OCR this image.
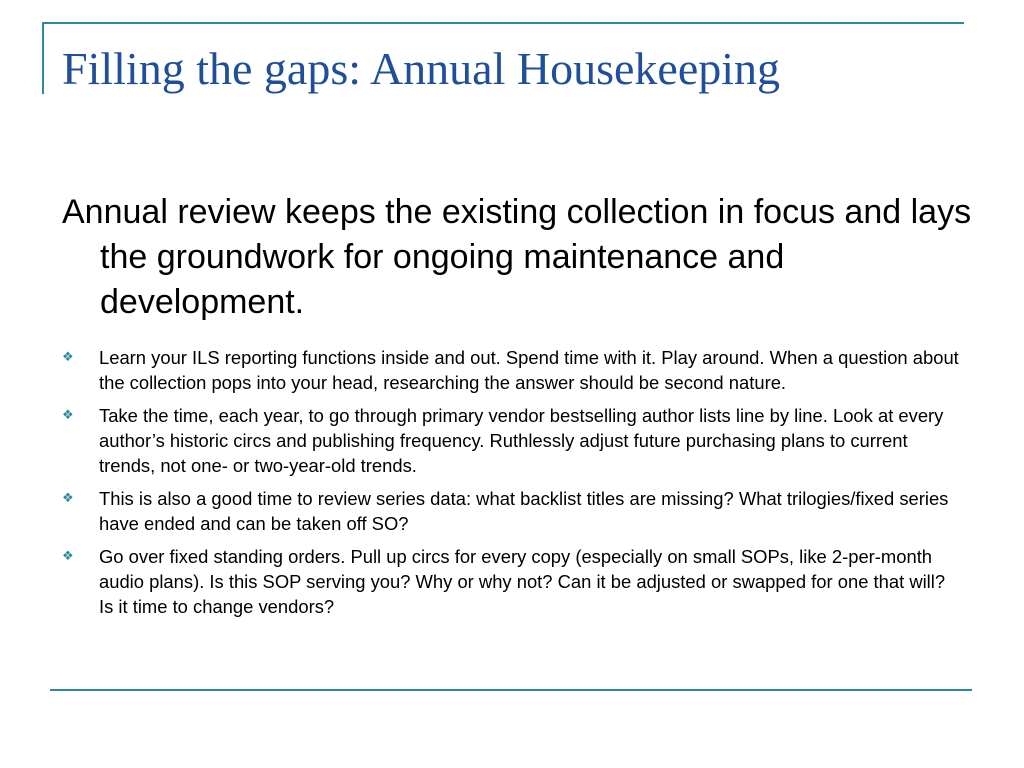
Filling the gaps: Annual Housekeeping

Annual review keeps the existing collection in focus and lays the groundwork for ongoing maintenance and development.

❖ Learn your ILS reporting functions inside and out. Spend time with it. Play around. When a question about the collection pops into your head, researching the answer should be second nature.
❖ Take the time, each year, to go through primary vendor bestselling author lists line by line. Look at every author’s historic circs and publishing frequency. Ruthlessly adjust future purchasing plans to current trends, not one- or two-year-old trends.
❖ This is also a good time to review series data: what backlist titles are missing? What trilogies/fixed series have ended and can be taken off SO?
❖ Go over fixed standing orders. Pull up circs for every copy (especially on small SOPs, like 2-per-month audio plans). Is this SOP serving you? Why or why not? Can it be adjusted or swapped for one that will? Is it time to change vendors?
